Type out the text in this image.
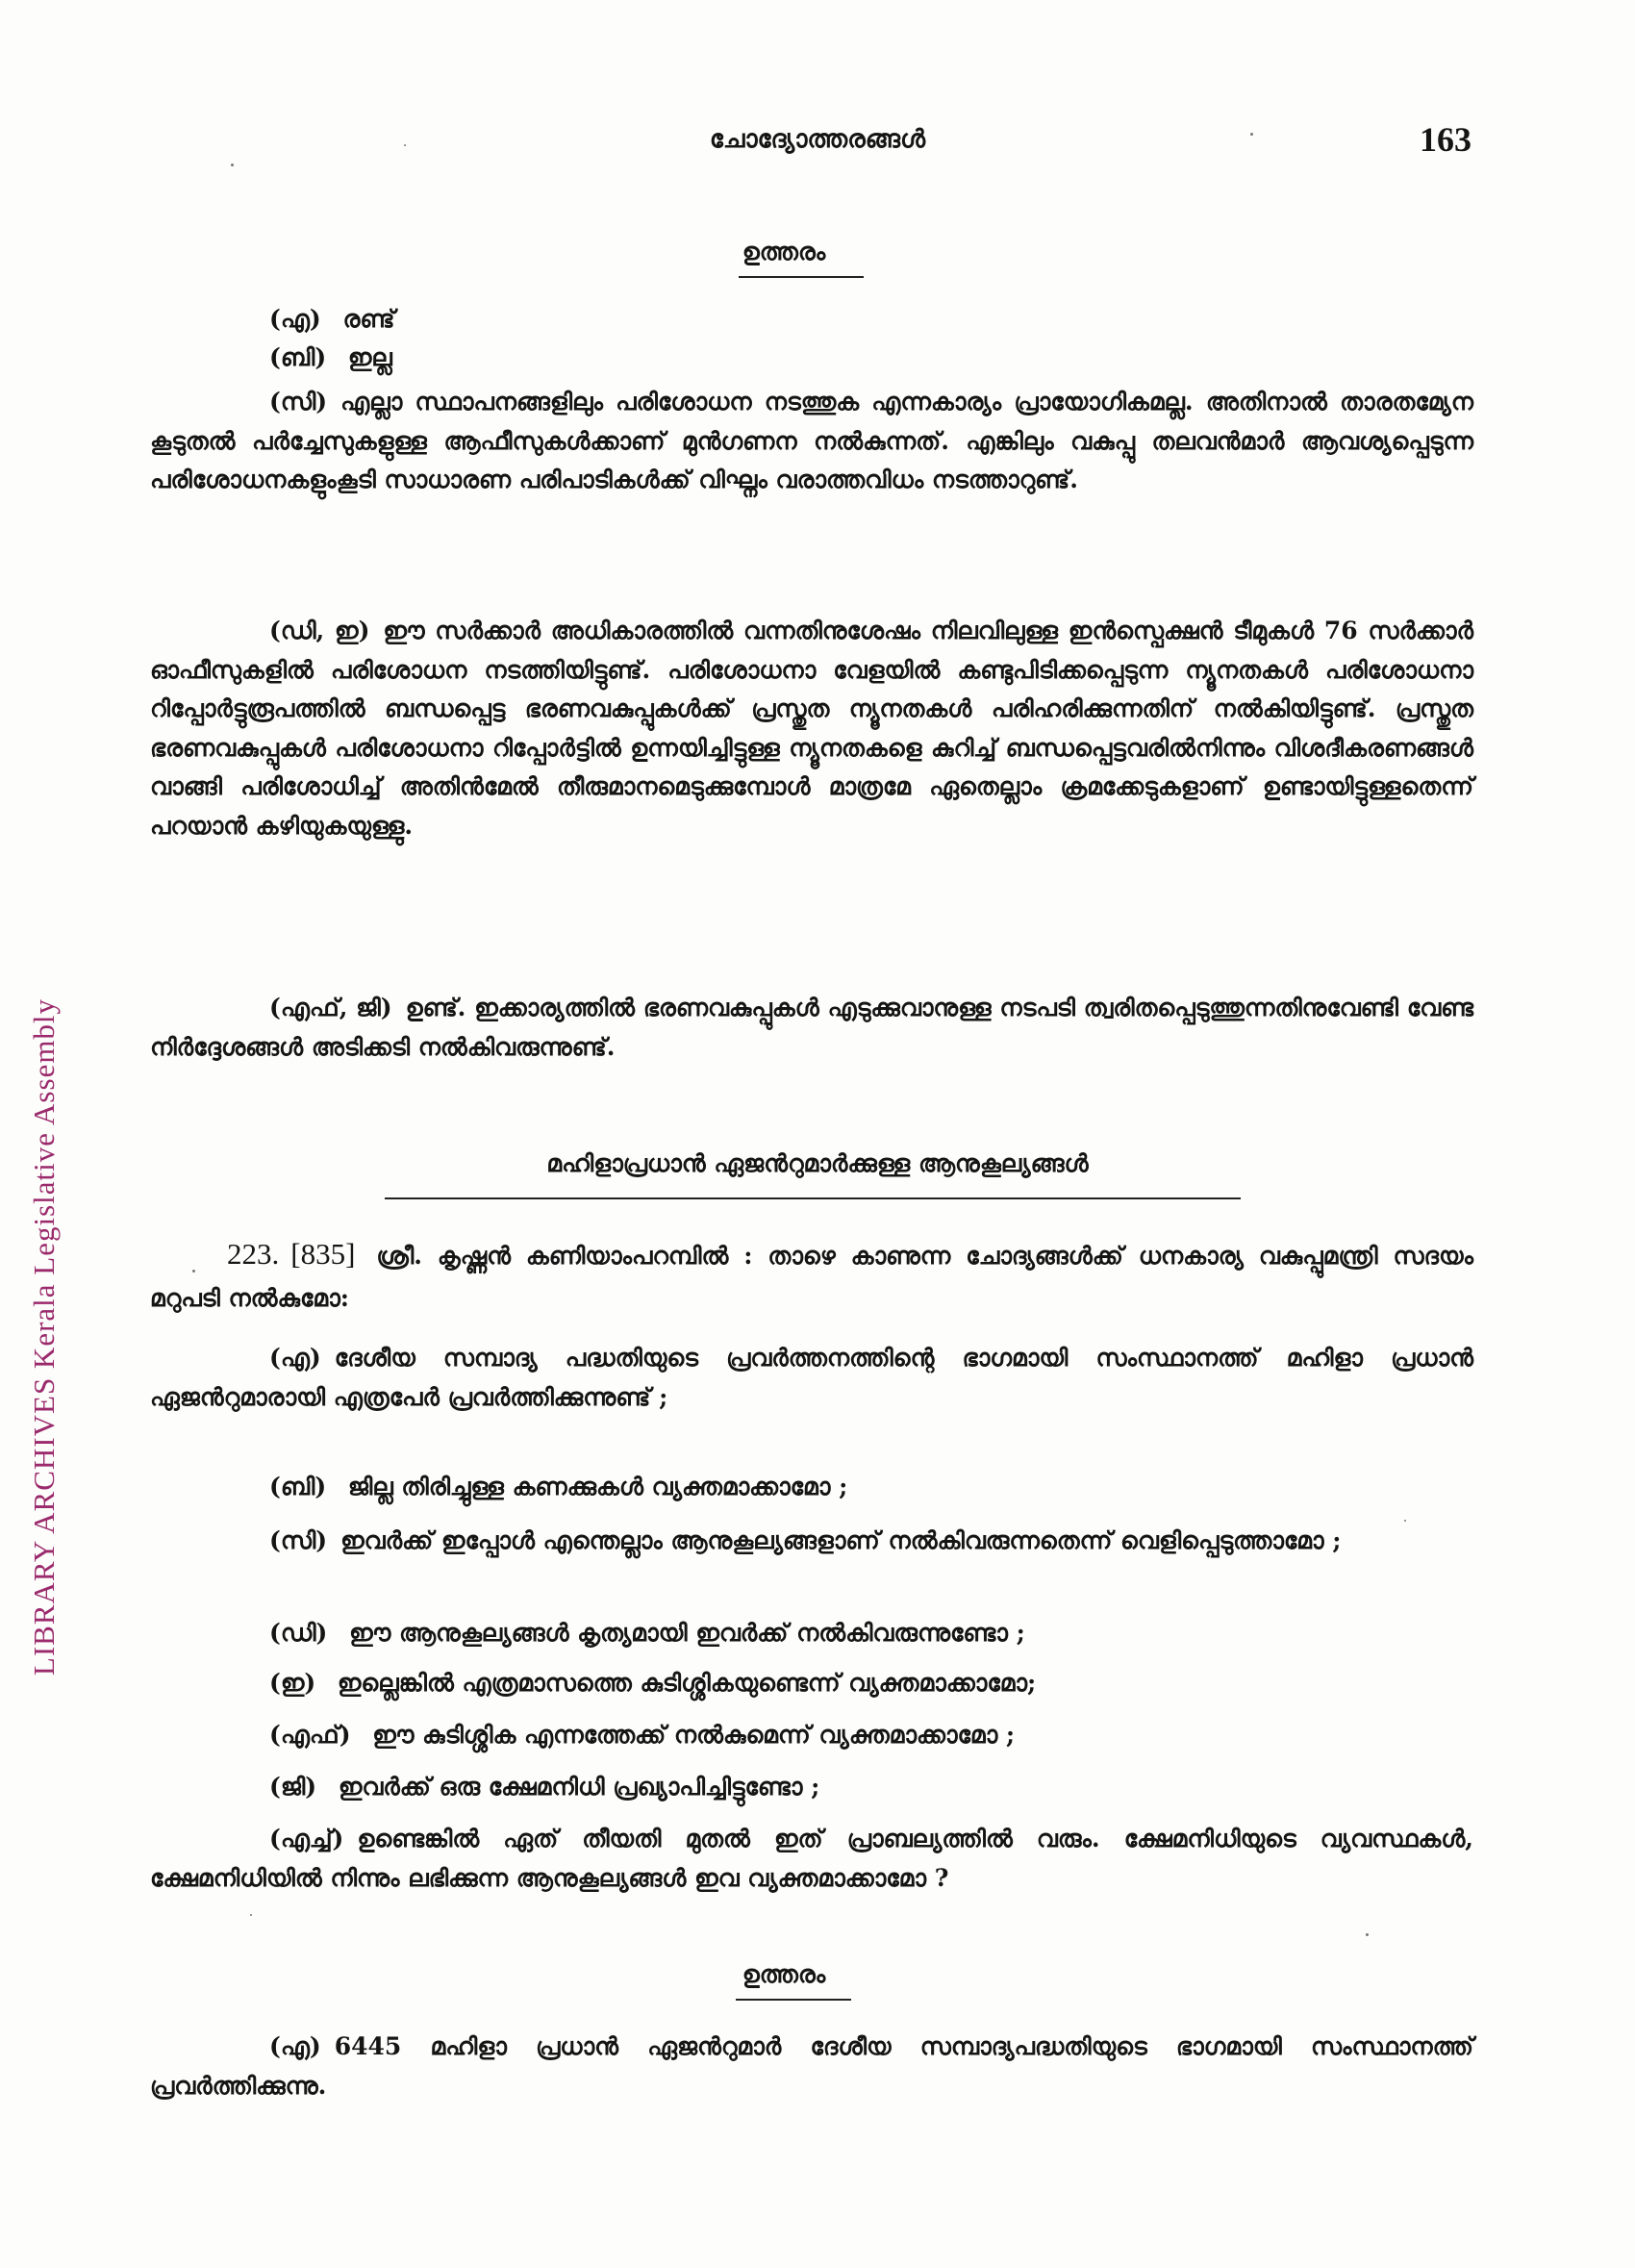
LIBRARY ARCHIVES Kerala Legislative Assembly
ചോദ്യോത്തരങ്ങൾ	163
ഉത്തരം
(എ) രണ്ട്
(ബി) ഇല്ല
(സി) എല്ലാ സ്ഥാപനങ്ങളിലും പരിശോധന നടത്തുക എന്നകാര്യം പ്രായോഗികമല്ല. അതിനാൽ താരതമ്യേന കൂടുതൽ പർച്ചേസുകളുള്ള ആഫീസുകൾക്കാണ് മുൻഗണന നൽകുന്നത്. എങ്കിലും വകുപ്പു തലവൻമാർ ആവശ്യപ്പെടുന്ന പരിശോധനകളുംകൂടി സാധാരണ പരിപാടികൾക്ക് വിഘ്നം വരാത്തവിധം നടത്താറുണ്ട്.
(ഡി, ഇ) ഈ സർക്കാർ അധികാരത്തിൽ വന്നതിനുശേഷം നിലവിലുള്ള ഇൻസ്പെക്ഷൻ ടീമുകൾ 76 സർക്കാർ ഓഫീസുകളിൽ പരിശോധന നടത്തിയിട്ടുണ്ട്. പരിശോധനാ വേളയിൽ കണ്ടുപിടിക്കപ്പെടുന്ന ന്യൂനതകൾ പരിശോധനാ റിപ്പോർട്ടുരൂപത്തിൽ ബന്ധപ്പെട്ട ഭരണവകുപ്പുകൾക്ക് പ്രസ്തുത ന്യൂനതകൾ പരിഹരിക്കുന്നതിന് നൽകിയിട്ടുണ്ട്. പ്രസ്തുത ഭരണവകുപ്പുകൾ പരിശോധനാ റിപ്പോർട്ടിൽ ഉന്നയിച്ചിട്ടുള്ള ന്യൂനതകളെ കുറിച്ച് ബന്ധപ്പെട്ടവരിൽനിന്നും വിശദീകരണങ്ങൾ വാങ്ങി പരിശോധിച്ച് അതിൻമേൽ തീരുമാനമെടുക്കുമ്പോൾ മാത്രമേ ഏതെല്ലാം ക്രമക്കേടുകളാണ് ഉണ്ടായിട്ടുള്ളതെന്ന് പറയാൻ കഴിയുകയുള്ളു.
(എഫ്, ജി) ഉണ്ട്. ഇക്കാര്യത്തിൽ ഭരണവകുപ്പുകൾ എടുക്കുവാനുള്ള നടപടി ത്വരിതപ്പെടുത്തുന്നതിനുവേണ്ടി വേണ്ട നിർദ്ദേശങ്ങൾ അടിക്കടി നൽകിവരുന്നുണ്ട്.
മഹിളാപ്രധാൻ ഏജൻറുമാർക്കുള്ള ആനുകൂല്യങ്ങൾ
223. [835] ശ്രീ. കൃഷ്ണൻ കണിയാംപറമ്പിൽ : താഴെ കാണുന്ന ചോദ്യങ്ങൾക്ക് ധനകാര്യ വകുപ്പുമന്ത്രി സദയം മറുപടി നൽകുമോ:
(എ) ദേശീയ സമ്പാദ്യ പദ്ധതിയുടെ പ്രവർത്തനത്തിന്റെ ഭാഗമായി സംസ്ഥാനത്ത് മഹിളാ പ്രധാൻ ഏജൻറുമാരായി എത്രപേർ പ്രവർത്തിക്കുന്നുണ്ട് ;
(ബി) ജില്ല തിരിച്ചുള്ള കണക്കുകൾ വ്യക്തമാക്കാമോ ;
(സി) ഇവർക്ക് ഇപ്പോൾ എന്തെല്ലാം ആനുകൂല്യങ്ങളാണ് നൽകിവരുന്നതെന്ന് വെളിപ്പെടുത്താമോ ;
(ഡി) ഈ ആനുകൂല്യങ്ങൾ കൃത്യമായി ഇവർക്ക് നൽകിവരുന്നുണ്ടോ ;
(ഇ) ഇല്ലെങ്കിൽ എത്രമാസത്തെ കുടിശ്ശികയുണ്ടെന്ന് വ്യക്തമാക്കാമോ;
(എഫ്) ഈ കുടിശ്ശിക എന്നത്തേക്ക് നൽകുമെന്ന് വ്യക്തമാക്കാമോ ;
(ജി) ഇവർക്ക് ഒരു ക്ഷേമനിധി പ്രഖ്യാപിച്ചിട്ടുണ്ടോ ;
(എച്ച്) ഉണ്ടെങ്കിൽ ഏത് തീയതി മുതൽ ഇത് പ്രാബല്യത്തിൽ വരും. ക്ഷേമനിധിയുടെ വ്യവസ്ഥകൾ, ക്ഷേമനിധിയിൽ നിന്നും ലഭിക്കുന്ന ആനുകൂല്യങ്ങൾ ഇവ വ്യക്തമാക്കാമോ ?
ഉത്തരം
(എ) 6445 മഹിളാ പ്രധാൻ ഏജൻറുമാർ ദേശീയ സമ്പാദ്യപദ്ധതിയുടെ ഭാഗമായി സംസ്ഥാനത്ത് പ്രവർത്തിക്കുന്നു.
